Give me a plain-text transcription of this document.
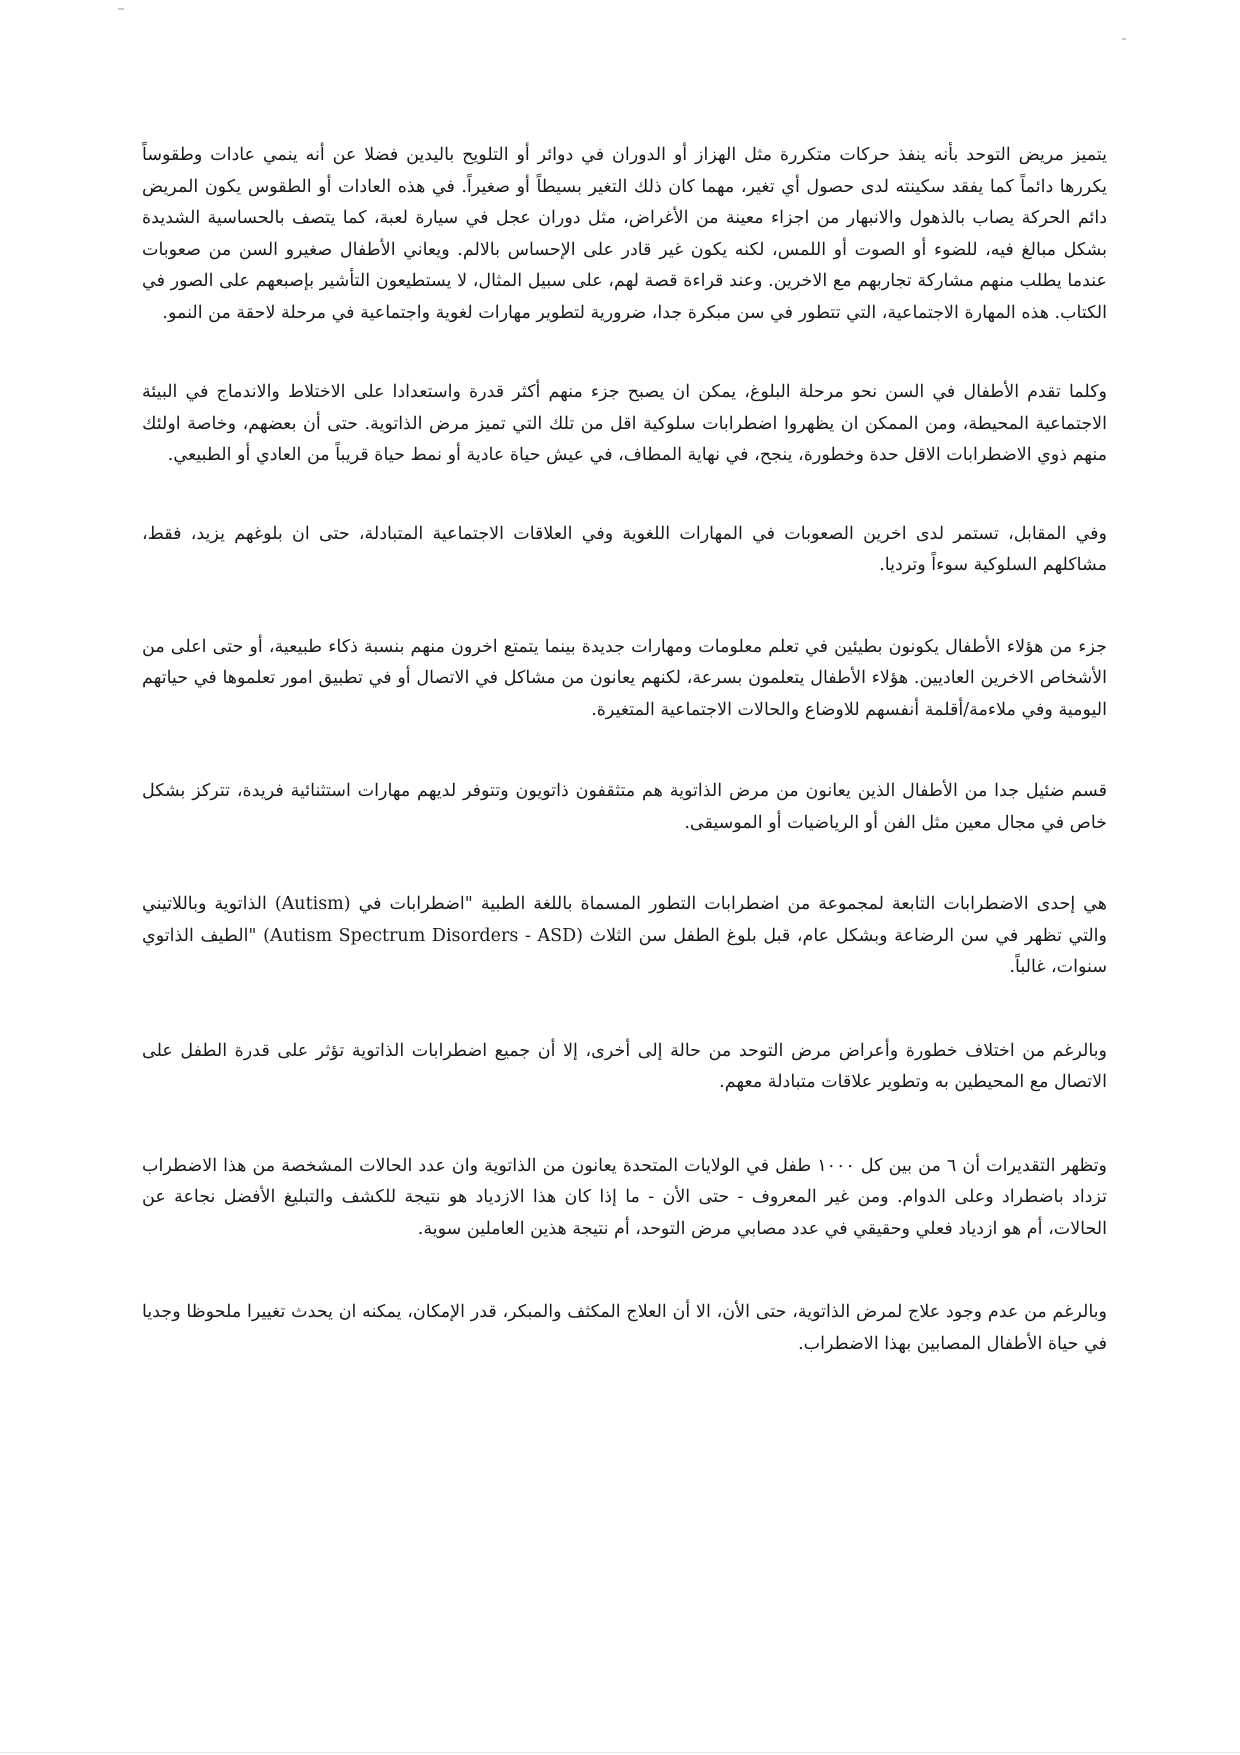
يتميز مريض التوحد بأنه ينفذ حركات متكررة مثل الهزاز أو الدوران في دوائر أو التلويح باليدين فضلا عن أنه ينمي عادات وطقوساً يكررها دائماً كما يفقد سكينته لدى حصول أي تغير، مهما كان ذلك التغير بسيطاً أو صغيراً. في هذه العادات أو الطقوس يكون المريض دائم الحركة يصاب بالذهول والانبهار من اجزاء معينة من الأغراض، مثل دوران عجل في سيارة لعبة، كما يتصف بالحساسية الشديدة بشكل مبالغ فيه، للضوء أو الصوت أو اللمس، لكنه يكون غير قادر على الإحساس بالالم. ويعاني الأطفال صغيرو السن من صعوبات عندما يطلب منهم مشاركة تجاربهم مع الاخرين. وعند قراءة قصة لهم، على سبيل المثال، لا يستطيعون التأشير بإصبعهم على الصور في الكتاب. هذه المهارة الاجتماعية، التي تتطور في سن مبكرة جدا، ضرورية لتطوير مهارات لغوية واجتماعية في مرحلة لاحقة من النمو.

وكلما تقدم الأطفال في السن نحو مرحلة البلوغ، يمكن ان يصبح جزء منهم أكثر قدرة واستعدادا على الاختلاط والاندماج في البيئة الاجتماعية المحيطة، ومن الممكن ان يظهروا اضطرابات سلوكية اقل من تلك التي تميز مرض الذاتوية. حتى أن بعضهم، وخاصة اولئك منهم ذوي الاضطرابات الاقل حدة وخطورة، ينجح، في نهاية المطاف، في عيش حياة عادية أو نمط حياة قريباً من العادي أو الطبيعي.

وفي المقابل، تستمر لدى اخرين الصعوبات في المهارات اللغوية وفي العلاقات الاجتماعية المتبادلة، حتى ان بلوغهم يزيد، فقط، مشاكلهم السلوكية سوءاً وترديا.

جزء من هؤلاء الأطفال يكونون بطيئين في تعلم معلومات ومهارات جديدة بينما يتمتع اخرون منهم بنسبة ذكاء طبيعية، أو حتى اعلى من الأشخاص الاخرين العاديين. هؤلاء الأطفال يتعلمون بسرعة، لكنهم يعانون من مشاكل في الاتصال أو في تطبيق امور تعلموها في حياتهم اليومية وفي ملاءمة/أقلمة أنفسهم للاوضاع والحالات الاجتماعية المتغيرة.

قسم ضئيل جدا من الأطفال الذين يعانون من مرض الذاتوية هم متثقفون ذاتويون وتتوفر لديهم مهارات استثنائية فريدة، تتركز بشكل خاص في مجال معين مثل الفن أو الرياضيات أو الموسيقى.

هي إحدى الاضطرابات التابعة لمجموعة من اضطرابات التطور المسماة باللغة الطبية "اضطرابات في (Autism) الذاتوية وباللاتيني والتي تظهر في سن الرضاعة وبشكل عام، قبل بلوغ الطفل سن الثلاث (Autism Spectrum Disorders - ASD) "الطيف الذاتوي سنوات، غالباً.

وبالرغم من اختلاف خطورة وأعراض مرض التوحد من حالة إلى أخرى، إلا أن جميع اضطرابات الذاتوية تؤثر على قدرة الطفل على الاتصال مع المحيطين به وتطوير علاقات متبادلة معهم.

وتظهر التقديرات أن ٦ من بين كل ١٠٠٠ طفل في الولايات المتحدة يعانون من الذاتوية وان عدد الحالات المشخصة من هذا الاضطراب تزداد باضطراد وعلى الدوام. ومن غير المعروف - حتى الأن - ما إذا كان هذا الازدياد هو نتيجة للكشف والتبليغ الأفضل نجاعة عن الحالات، أم هو ازدياد فعلي وحقيقي في عدد مصابي مرض التوحد، أم نتيجة هذين العاملين سوية.

وبالرغم من عدم وجود علاج لمرض الذاتوية، حتى الأن، الا أن العلاج المكثف والمبكر، قدر الإمكان، يمكنه ان يحدث تغييرا ملحوظا وجديا في حياة الأطفال المصابين بهذا الاضطراب.
